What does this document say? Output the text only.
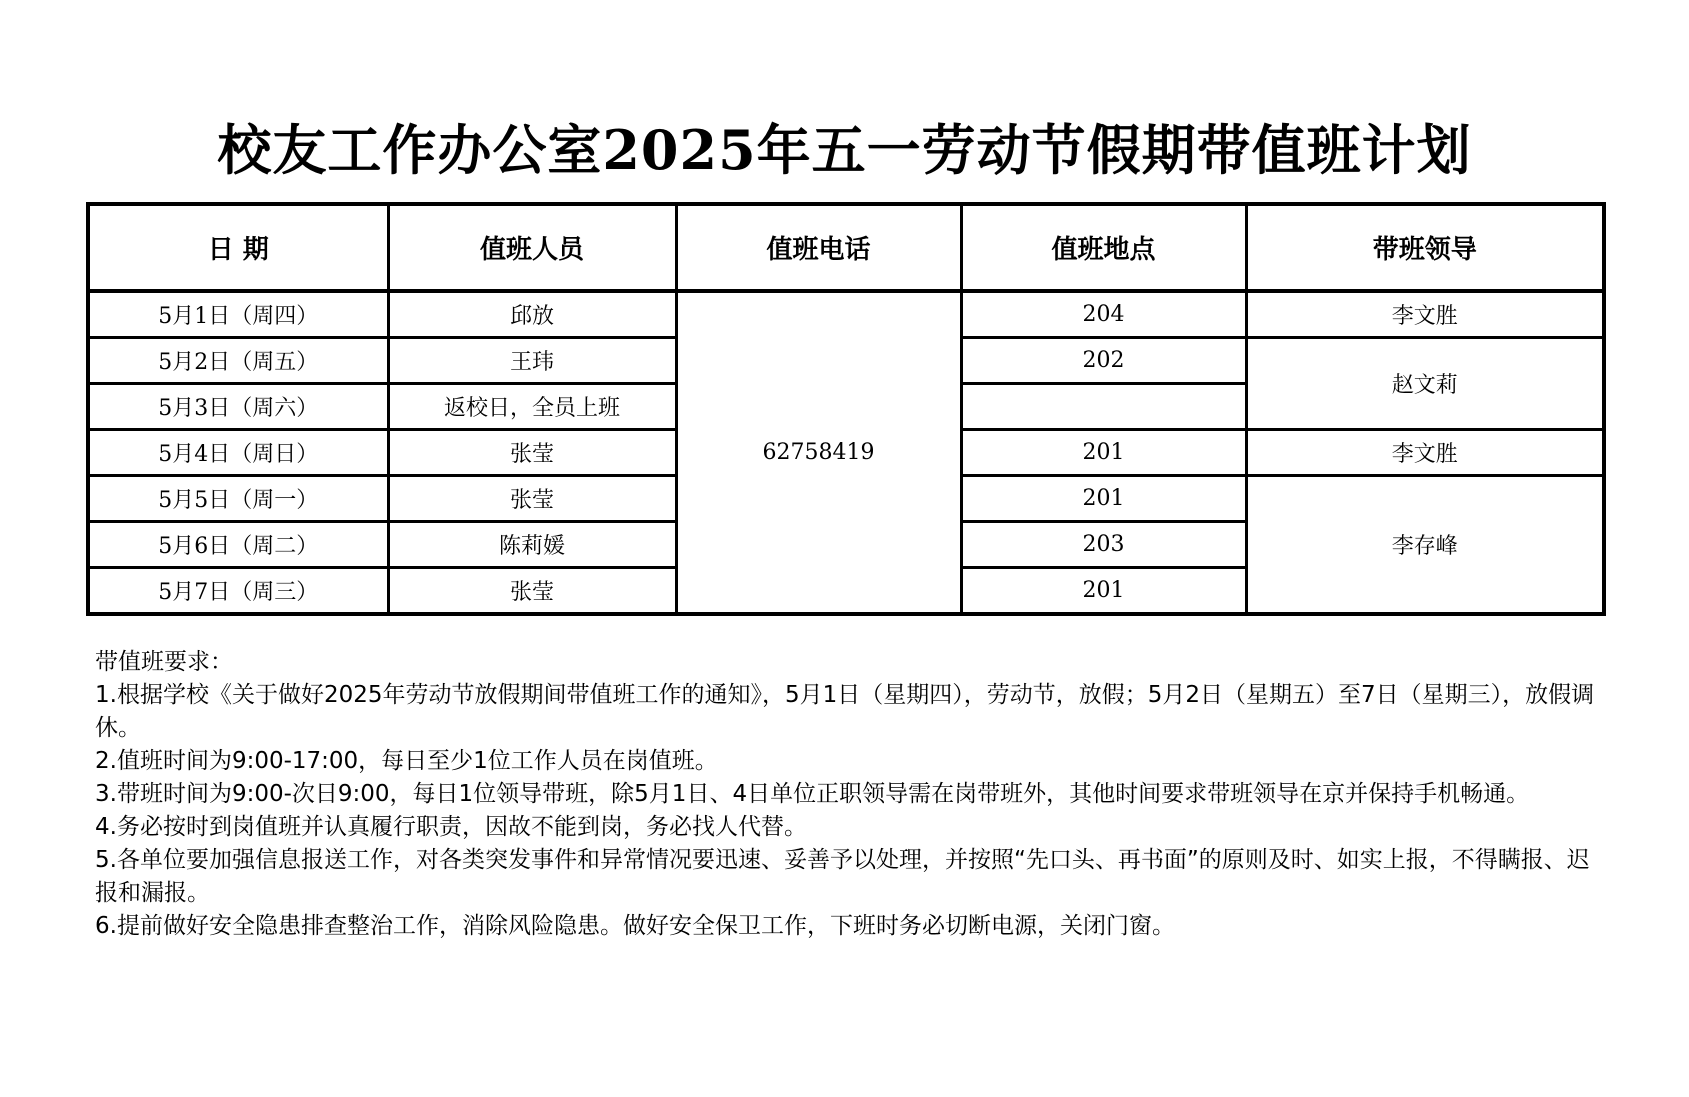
校友工作办公室2025年五一劳动节假期带值班计划
日 期	值班人员	值班电话	值班地点	带班领导
5月1日（周四）	邱放	62758419	204	李文胜
5月2日（周五）	王玮		202	赵文莉
5月3日（周六）	返校日，全员上班			
5月4日（周日）	张莹		201	李文胜
5月5日（周一）	张莹		201	李存峰
5月6日（周二）	陈莉媛		203	
5月7日（周三）	张莹		201	

带值班要求：

1.根据学校《关于做好2025年劳动节放假期间带值班工作的通知》，5月1日（星期四），劳动节，放假；5月2日（星期五）至7日（星期三），放假调休。

2.值班时间为9:00-17:00，每日至少1位工作人员在岗值班。

3.带班时间为9:00-次日9:00，每日1位领导带班，除5月1日、4日单位正职领导需在岗带班外，其他时间要求带班领导在京并保持手机畅通。

4.务必按时到岗值班并认真履行职责，因故不能到岗，务必找人代替。

5.各单位要加强信息报送工作，对各类突发事件和异常情况要迅速、妥善予以处理，并按照“先口头、再书面”的原则及时、如实上报，不得瞒报、迟报和漏报。

6.提前做好安全隐患排查整治工作，消除风险隐患。做好安全保卫工作，下班时务必切断电源，关闭门窗。
